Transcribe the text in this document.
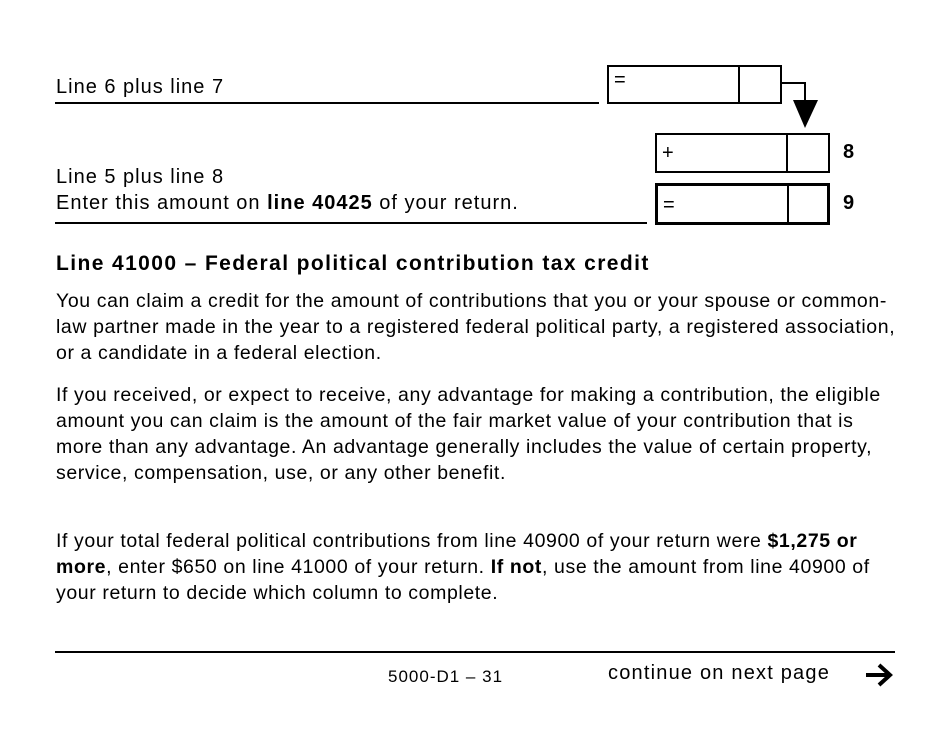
Line 6 plus line 7	=
+	8
Line 5 plus line 8
Enter this amount on line 40425 of your return.	=	9
Line 41000 – Federal political contribution tax credit

You can claim a credit for the amount of contributions that you or your spouse or common-law partner made in the year to a registered federal political party, a registered association, or a candidate in a federal election.

If you received, or expect to receive, any advantage for making a contribution, the eligible amount you can claim is the amount of the fair market value of your contribution that is more than any advantage. An advantage generally includes the value of certain property, service, compensation, use, or any other benefit.

If your total federal political contributions from line 40900 of your return were $1,275 or more, enter $650 on line 41000 of your return. If not, use the amount from line 40900 of your return to decide which column to complete.

5000-D1 – 31	continue on next page
